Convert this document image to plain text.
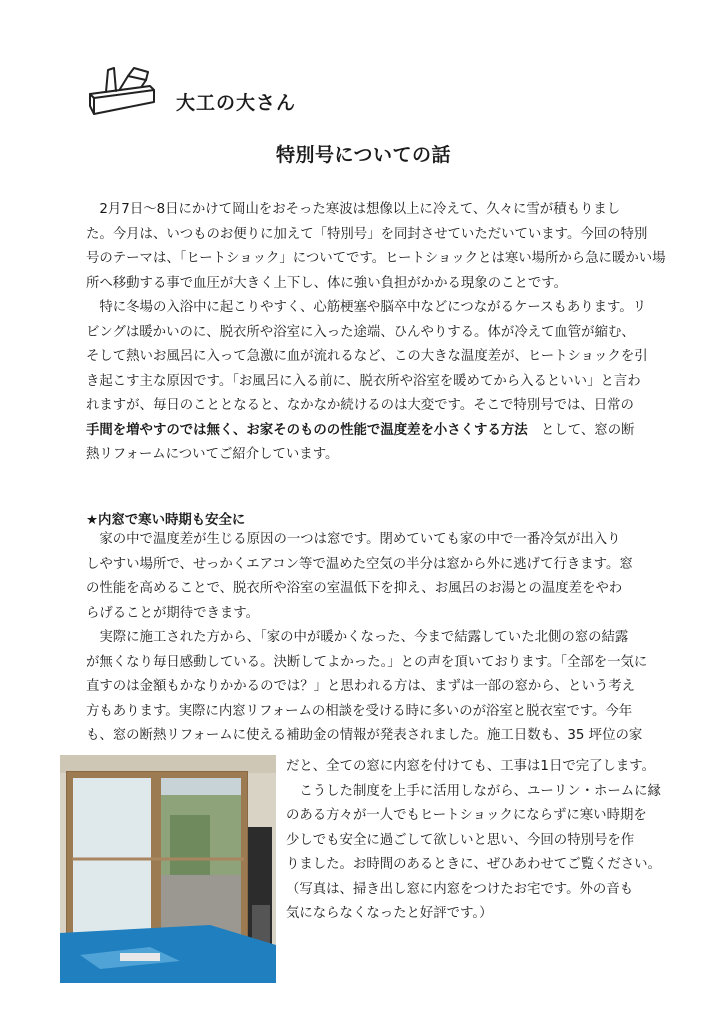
大工の大さん
特別号についての話

　2月7日～8日にかけて岡山をおそった寒波は想像以上に冷えて、久々に雪が積もりまし
た。今月は、いつものお便りに加えて「特別号」を同封させていただいています。今回の特別
号のテーマは、「ヒートショック」についてです。ヒートショックとは寒い場所から急に暖かい場
所へ移動する事で血圧が大きく上下し、体に強い負担がかかる現象のことです。

　特に冬場の入浴中に起こりやすく、心筋梗塞や脳卒中などにつながるケースもあります。リ
ビングは暖かいのに、脱衣所や浴室に入った途端、ひんやりする。体が冷えて血管が縮む、
そして熱いお風呂に入って急激に血が流れるなど、この大きな温度差が、ヒートショックを引
き起こす主な原因です。「お風呂に入る前に、脱衣所や浴室を暖めてから入るといい」と言わ
れますが、毎日のこととなると、なかなか続けるのは大変です。そこで特別号では、日常の
手間を増やすのでは無く、お家そのものの性能で温度差を小さくする方法　として、窓の断
熱リフォームについてご紹介しています。

★内窓で寒い時期も安全に

　家の中で温度差が生じる原因の一つは窓です。閉めていても家の中で一番冷気が出入り
しやすい場所で、せっかくエアコン等で温めた空気の半分は窓から外に逃げて行きます。窓
の性能を高めることで、脱衣所や浴室の室温低下を抑え、お風呂のお湯との温度差をやわ
らげることが期待できます。

　実際に施工された方から、「家の中が暖かくなった、今まで結露していた北側の窓の結露
が無くなり毎日感動している。決断してよかった。」との声を頂いております。「全部を一気に
直すのは金額もかなりかかるのでは？」と思われる方は、まずは一部の窓から、という考え
方もあります。実際に内窓リフォームの相談を受ける時に多いのが浴室と脱衣室です。今年
も、窓の断熱リフォームに使える補助金の情報が発表されました。施工日数も、35 坪位の家

だと、全ての窓に内窓を付けても、工事は1日で完了します。
　こうした制度を上手に活用しながら、ユーリン・ホームに縁
のある方々が一人でもヒートショックにならずに寒い時期を
少しでも安全に過ごして欲しいと思い、今回の特別号を作
りました。お時間のあるときに、ぜひあわせてご覧ください。
（写真は、掃き出し窓に内窓をつけたお宅です。外の音も
気にならなくなったと好評です。）
